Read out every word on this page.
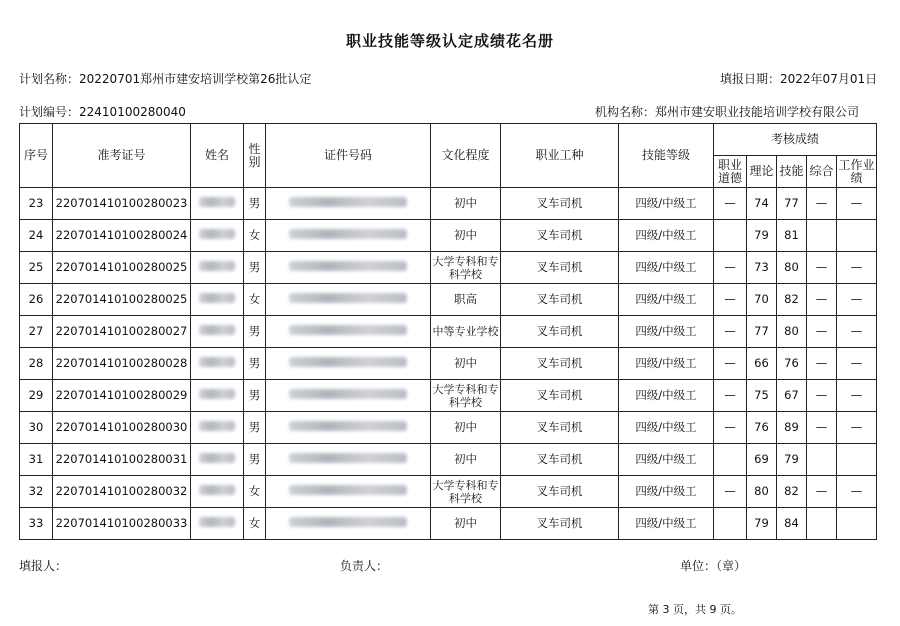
职业技能等级认定成绩花名册
计划名称：20220701郑州市建安培训学校第26批认定	填报日期：2022年07月01日
计划编号：22410100280040	机构名称：郑州市建安职业技能培训学校有限公司
序号	准考证号	姓名	性别	证件号码	文化程度	职业工种	技能等级	考核成绩				
								职业道德	理论	技能	综合	工作业绩
23	220701410100280023		男		初中	叉车司机	四级/中级工	—	74	77	—	—
24	220701410100280024		女		初中	叉车司机	四级/中级工		79	81		
25	220701410100280025		男		大学专科和专科学校	叉车司机	四级/中级工	—	73	80	—	—
26	220701410100280025		女		职高	叉车司机	四级/中级工	—	70	82	—	—
27	220701410100280027		男		中等专业学校	叉车司机	四级/中级工	—	77	80	—	—
28	220701410100280028		男		初中	叉车司机	四级/中级工	—	66	76	—	—
29	220701410100280029		男		大学专科和专科学校	叉车司机	四级/中级工	—	75	67	—	—
30	220701410100280030		男		初中	叉车司机	四级/中级工	—	76	89	—	—
31	220701410100280031		男		初中	叉车司机	四级/中级工		69	79		
32	220701410100280032		女		大学专科和专科学校	叉车司机	四级/中级工	—	80	82	—	—
33	220701410100280033		女		初中	叉车司机	四级/中级工		79	84		
填报人：	负责人：	单位：（章）
第 3 页，共 9 页。
